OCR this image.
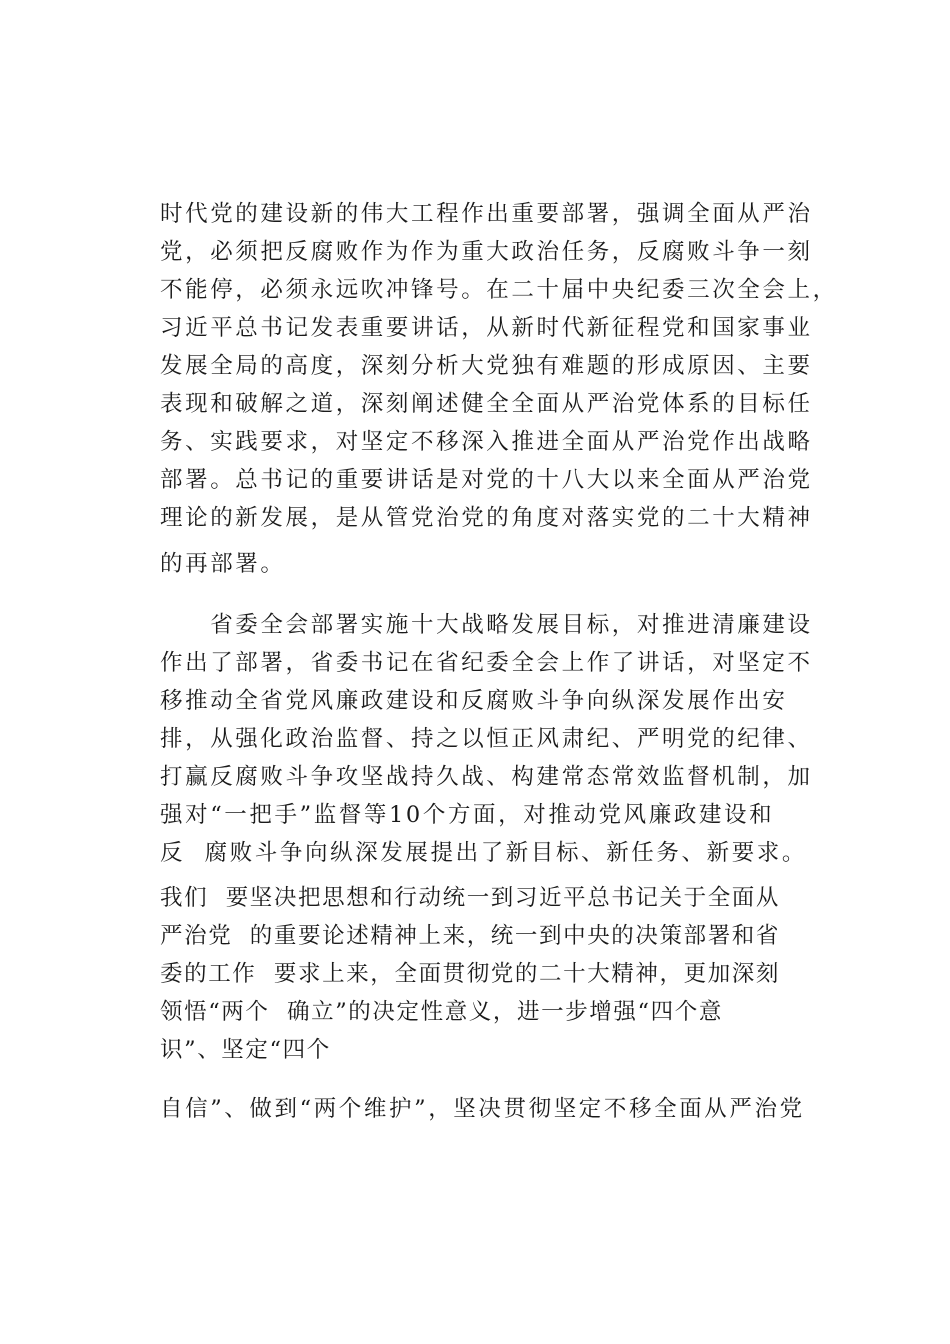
时代党的建设新的伟大工程作出重要部署，强调全面从严治
党，必须把反腐败作为作为重大政治任务，反腐败斗争一刻
不能停，必须永远吹冲锋号。在二十届中央纪委三次全会上，
习近平总书记发表重要讲话，从新时代新征程党和国家事业
发展全局的高度，深刻分析大党独有难题的形成原因、主要
表现和破解之道，深刻阐述健全全面从严治党体系的目标任
务、实践要求，对坚定不移深入推进全面从严治党作出战略
部署。总书记的重要讲话是对党的十八大以来全面从严治党
理论的新发展，是从管党治党的角度对落实党的二十大精神
的再部署。
　　省委全会部署实施十大战略发展目标，对推进清廉建设
作出了部署，省委书记在省纪委全会上作了讲话，对坚定不
移推动全省党风廉政建设和反腐败斗争向纵深发展作出安
排，从强化政治监督、持之以恒正风肃纪、严明党的纪律、
打赢反腐败斗争攻坚战持久战、构建常态常效监督机制，加
强对“一把手”监督等10个方面，对推动党风廉政建设和
反  腐败斗争向纵深发展提出了新目标、新任务、新要求。
我们  要坚决把思想和行动统一到习近平总书记关于全面从
严治党  的重要论述精神上来，统一到中央的决策部署和省
委的工作  要求上来，全面贯彻党的二十大精神，更加深刻
领悟“两个  确立”的决定性意义，进一步增强“四个意
识”、坚定“四个
自信”、做到“两个维护”，坚决贯彻坚定不移全面从严治党
